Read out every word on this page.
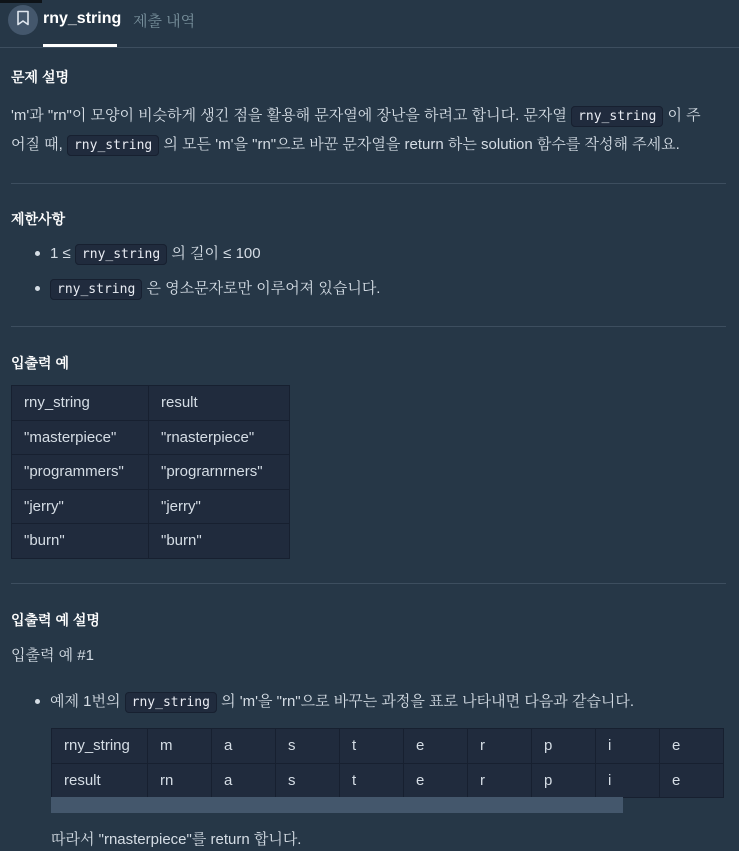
rny_string 제출 내역
문제 설명
'm'과 "rn"이 모양이 비슷하게 생긴 점을 활용해 문자열에 장난을 하려고 합니다. 문자열 rny_string 이 주
어질 때, rny_string 의 모든 'm'을 "rn"으로 바꾼 문자열을 return 하는 solution 함수를 작성해 주세요.
제한사항
1 ≤ rny_string 의 길이 ≤ 100
rny_string 은 영소문자로만 이루어져 있습니다.
입출력 예
rny_string	result
"masterpiece"	"rnasterpiece"
"programmers"	"prograrnrners"
"jerry"	"jerry"
"burn"	"burn"
입출력 예 설명
입출력 예 #1
예제 1번의 rny_string 의 'm'을 "rn"으로 바꾸는 과정을 표로 나타내면 다음과 같습니다.
rny_string	m	a	s	t	e	r	p	i	e
result	rn	a	s	t	e	r	p	i	e
따라서 "rnasterpiece"를 return 합니다.
